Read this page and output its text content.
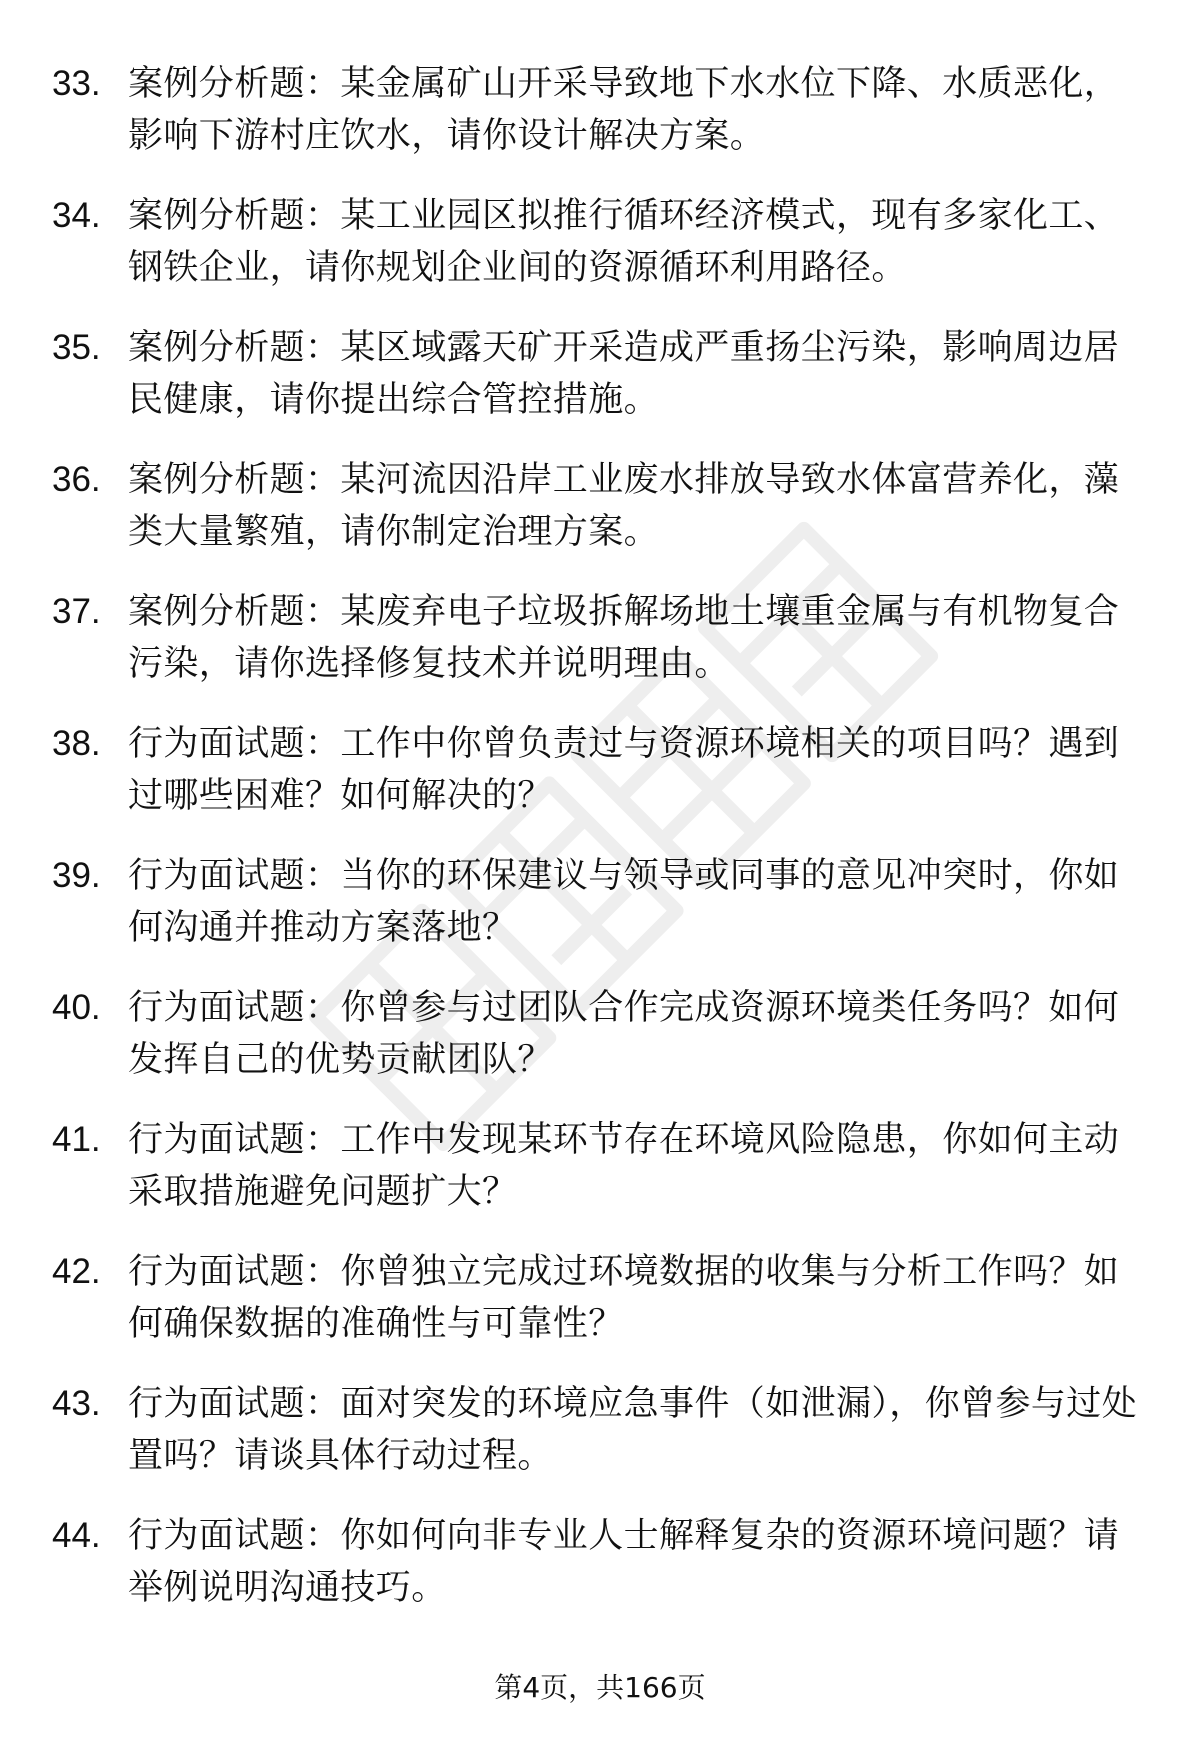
33. 案例分析题：某金属矿山开采导致地下水水位下降、水质恶化，影响下游村庄饮水，请你设计解决方案。
34. 案例分析题：某工业园区拟推行循环经济模式，现有多家化工、钢铁企业，请你规划企业间的资源循环利用路径。
35. 案例分析题：某区域露天矿开采造成严重扬尘污染，影响周边居民健康，请你提出综合管控措施。
36. 案例分析题：某河流因沿岸工业废水排放导致水体富营养化，藻类大量繁殖，请你制定治理方案。
37. 案例分析题：某废弃电子垃圾拆解场地土壤重金属与有机物复合污染，请你选择修复技术并说明理由。
38. 行为面试题：工作中你曾负责过与资源环境相关的项目吗？遇到过哪些困难？如何解决的？
39. 行为面试题：当你的环保建议与领导或同事的意见冲突时，你如何沟通并推动方案落地？
40. 行为面试题：你曾参与过团队合作完成资源环境类任务吗？如何发挥自己的优势贡献团队？
41. 行为面试题：工作中发现某环节存在环境风险隐患，你如何主动采取措施避免问题扩大？
42. 行为面试题：你曾独立完成过环境数据的收集与分析工作吗？如何确保数据的准确性与可靠性？
43. 行为面试题：面对突发的环境应急事件（如泄漏），你曾参与过处置吗？请谈具体行动过程。
44. 行为面试题：你如何向非专业人士解释复杂的资源环境问题？请举例说明沟通技巧。
第4页，共166页
